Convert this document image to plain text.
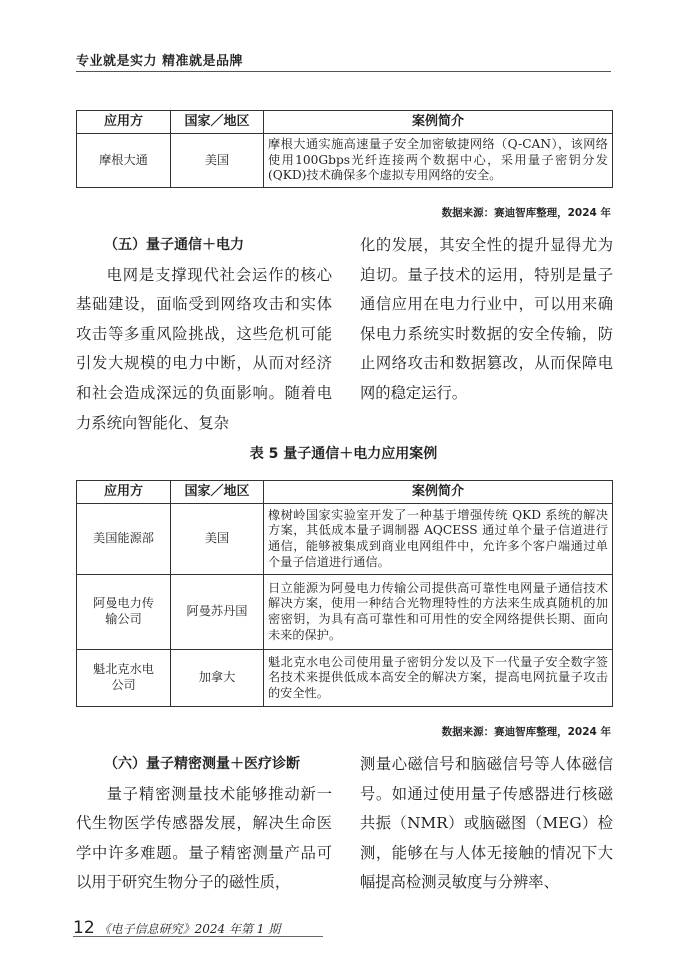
专业就是实力 精准就是品牌
应用方	国家／地区	案例简介
摩根大通	美国	摩根大通实施高速量子安全加密敏捷网络（Q-CAN），该网络使用100Gbps光纤连接两个数据中心，采用量子密钥分发(QKD)技术确保多个虚拟专用网络的安全。
数据来源：赛迪智库整理，2024 年

（五）量子通信＋电力

电网是支撑现代社会运作的核心基础建设，面临受到网络攻击和实体攻击等多重风险挑战，这些危机可能引发大规模的电力中断，从而对经济和社会造成深远的负面影响。随着电力系统向智能化、复杂

化的发展，其安全性的提升显得尤为迫切。量子技术的运用，特别是量子通信应用在电力行业中，可以用来确保电力系统实时数据的安全传输，防止网络攻击和数据篡改，从而保障电网的稳定运行。

表 5 量子通信＋电力应用案例
应用方	国家／地区	案例简介
美国能源部	美国	橡树岭国家实验室开发了一种基于增强传统 QKD 系统的解决方案，其低成本量子调制器 AQCESS 通过单个量子信道进行通信，能够被集成到商业电网组件中，允许多个客户端通过单个量子信道进行通信。
阿曼电力传输公司	阿曼苏丹国	日立能源为阿曼电力传输公司提供高可靠性电网量子通信技术解决方案，使用一种结合光物理特性的方法来生成真随机的加密密钥，为具有高可靠性和可用性的安全网络提供长期、面向未来的保护。
魁北克水电公司	加拿大	魁北克水电公司使用量子密钥分发以及下一代量子安全数字签名技术来提供低成本高安全的解决方案，提高电网抗量子攻击的安全性。
数据来源：赛迪智库整理，2024 年

（六）量子精密测量＋医疗诊断

量子精密测量技术能够推动新一代生物医学传感器发展，解决生命医学中许多难题。量子精密测量产品可以用于研究生物分子的磁性质，

测量心磁信号和脑磁信号等人体磁信号。如通过使用量子传感器进行核磁共振（NMR）或脑磁图（MEG）检测，能够在与人体无接触的情况下大幅提高检测灵敏度与分辨率、

12 《电子信息研究》2024 年第 1 期
